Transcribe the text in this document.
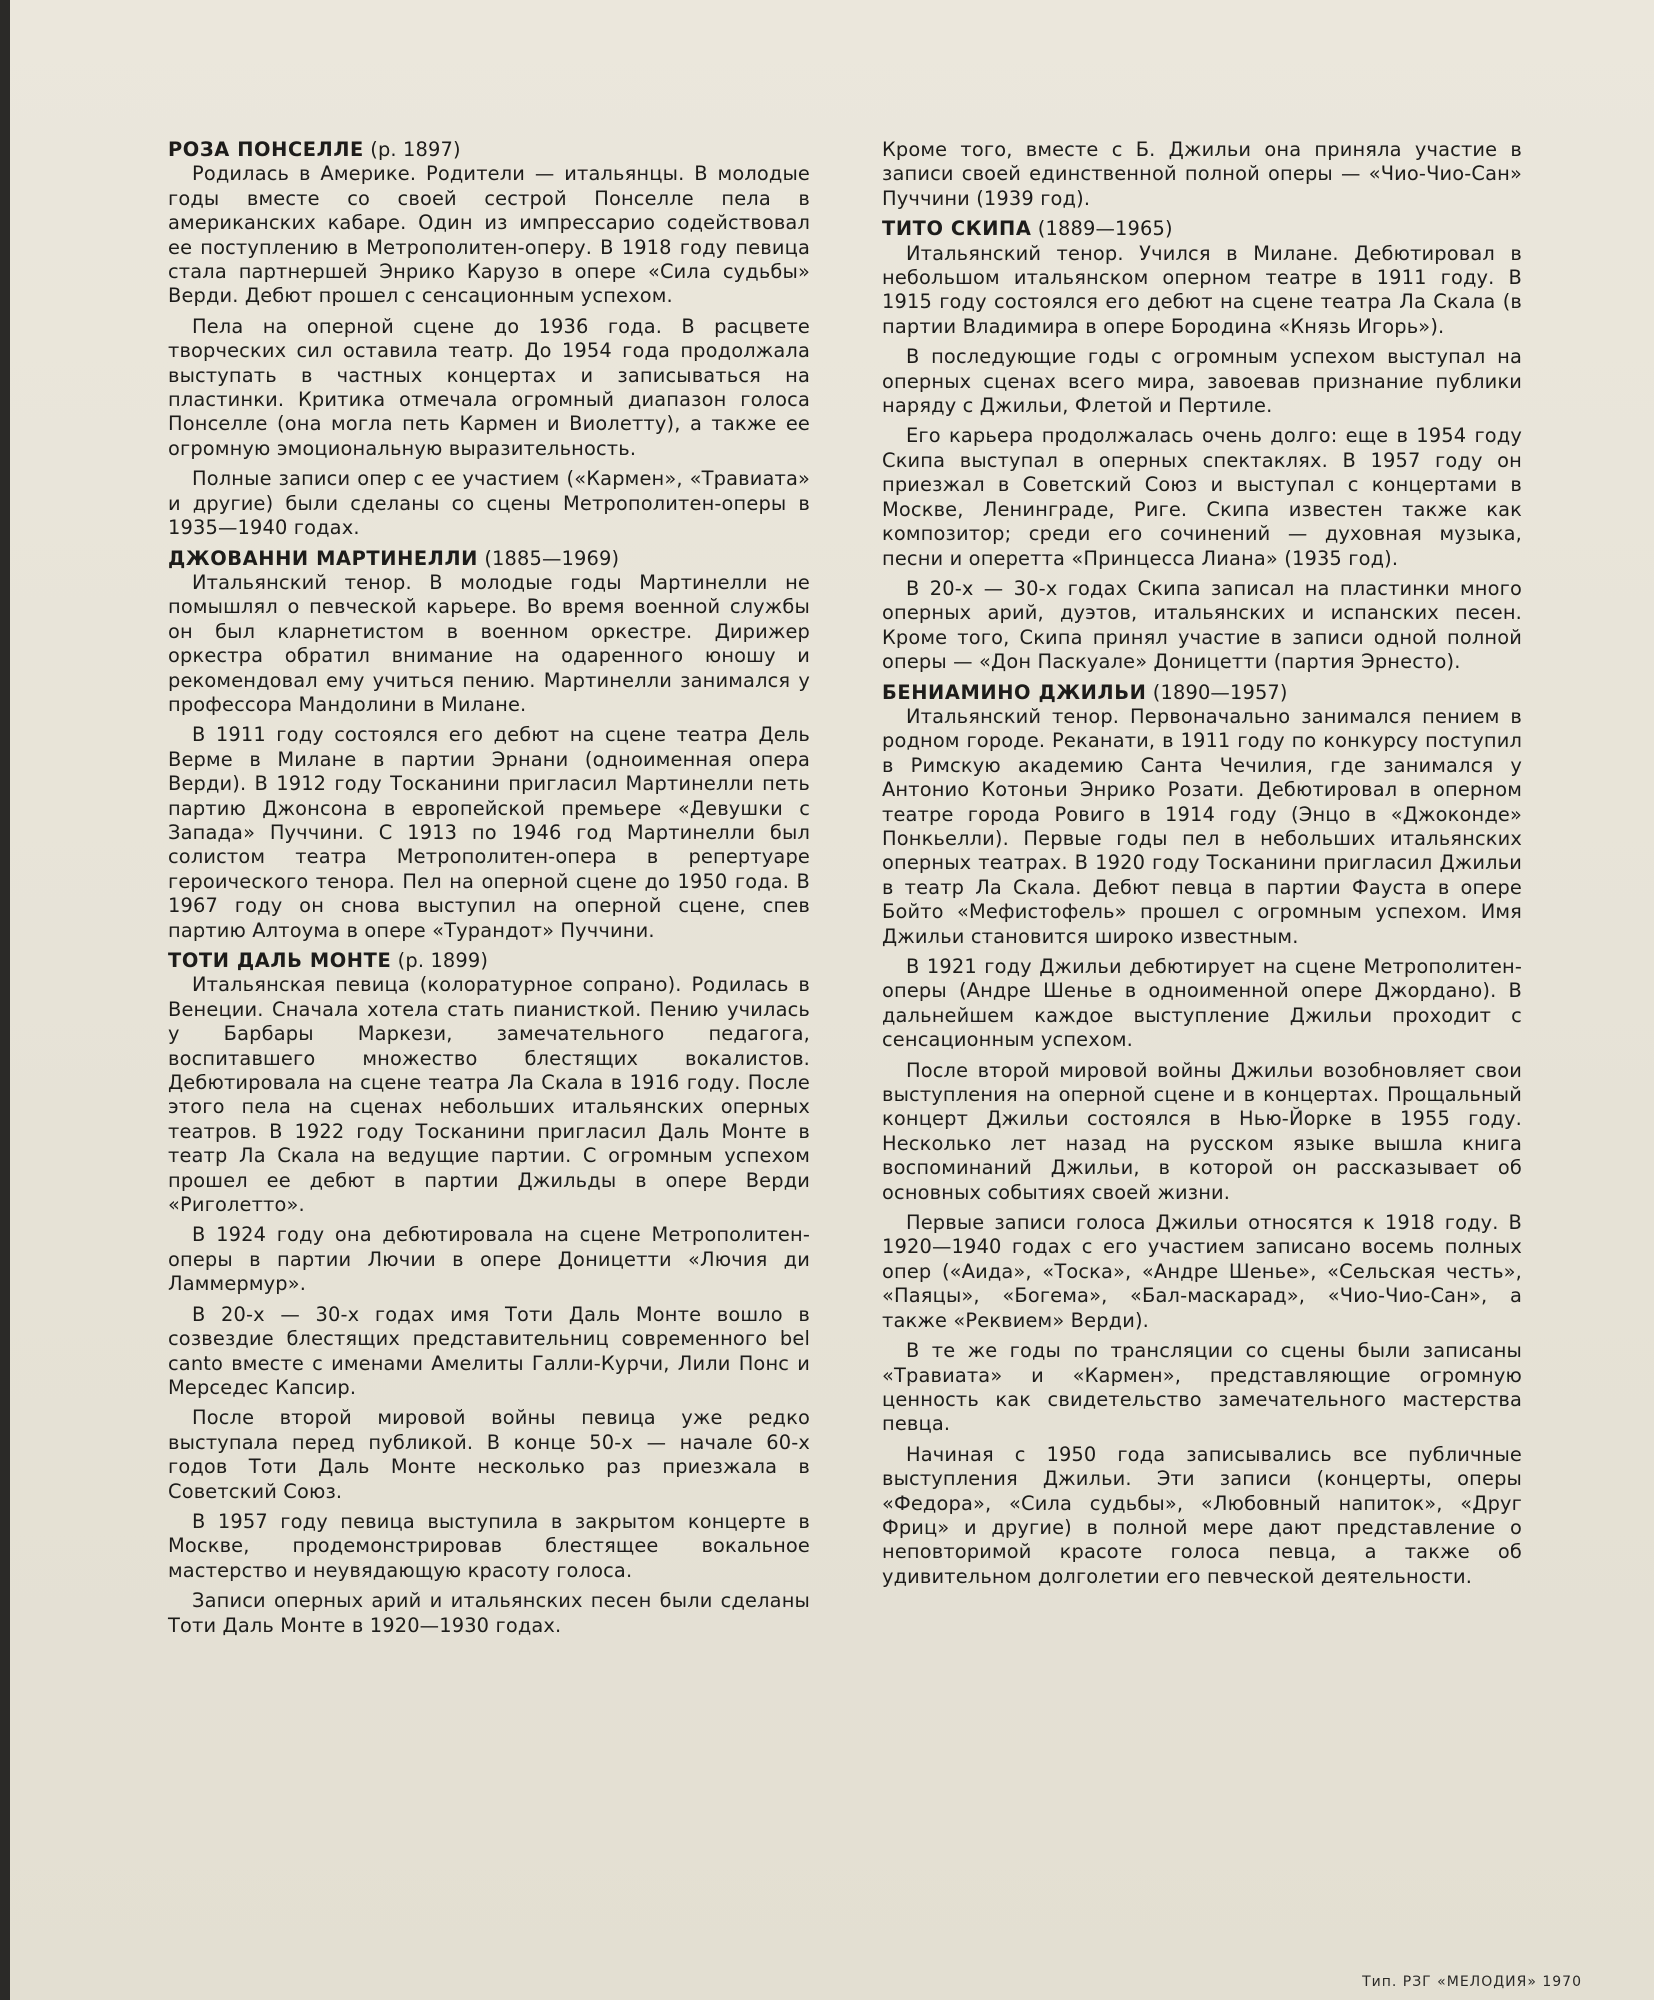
РОЗА ПОНСЕЛЛЕ (р. 1897)

Родилась в Америке. Родители — итальянцы. В молодые годы вместе со своей сестрой Понселле пела в американских кабаре. Один из импрессарио содействовал ее поступлению в Метрополитен-оперу. В 1918 году певица стала партнершей Энрико Карузо в опере «Сила судьбы» Верди. Дебют прошел с сенсационным успехом.

Пела на оперной сцене до 1936 года. В расцвете творческих сил оставила театр. До 1954 года продолжала выступать в частных концертах и записываться на пластинки. Критика отмечала огромный диапазон голоса Понселле (она могла петь Кармен и Виолетту), а также ее огромную эмоциональную выразительность.

Полные записи опер с ее участием («Кармен», «Травиата» и другие) были сделаны со сцены Метрополитен-оперы в 1935—1940 годах.

ДЖОВАННИ МАРТИНЕЛЛИ (1885—1969)

Итальянский тенор. В молодые годы Мартинелли не помышлял о певческой карьере. Во время военной службы он был кларнетистом в военном оркестре. Дирижер оркестра обратил внимание на одаренного юношу и рекомендовал ему учиться пению. Мартинелли занимался у профессора Мандолини в Милане.

В 1911 году состоялся его дебют на сцене театра Дель Верме в Милане в партии Эрнани (одноименная опера Верди). В 1912 году Тосканини пригласил Мартинелли петь партию Джонсона в европейской премьере «Девушки с Запада» Пуччини. С 1913 по 1946 год Мартинелли был солистом театра Метрополитен-опера в репертуаре героического тенора. Пел на оперной сцене до 1950 года. В 1967 году он снова выступил на оперной сцене, спев партию Алтоума в опере «Турандот» Пуччини.

ТОТИ ДАЛЬ МОНТЕ (р. 1899)

Итальянская певица (колоратурное сопрано). Родилась в Венеции. Сначала хотела стать пианисткой. Пению училась у Барбары Маркези, замечательного педагога, воспитавшего множество блестящих вокалистов. Дебютировала на сцене театра Ла Скала в 1916 году. После этого пела на сценах небольших итальянских оперных театров. В 1922 году Тосканини пригласил Даль Монте в театр Ла Скала на ведущие партии. С огромным успехом прошел ее дебют в партии Джильды в опере Верди «Риголетто».

В 1924 году она дебютировала на сцене Метрополитен-оперы в партии Лючии в опере Доницетти «Лючия ди Ламмермур».

В 20-х — 30-х годах имя Тоти Даль Монте вошло в созвездие блестящих представительниц современного bel canto вместе с именами Амелиты Галли-Курчи, Лили Понс и Мерседес Капсир.

После второй мировой войны певица уже редко выступала перед публикой. В конце 50-х — начале 60-х годов Тоти Даль Монте несколько раз приезжала в Советский Союз.

В 1957 году певица выступила в закрытом концерте в Москве, продемонстрировав блестящее вокальное мастерство и неувядающую красоту голоса.

Записи оперных арий и итальянских песен были сделаны Тоти Даль Монте в 1920—1930 годах.

Кроме того, вместе с Б. Джильи она приняла участие в записи своей единственной полной оперы — «Чио-Чио-Сан» Пуччини (1939 год).

ТИТО СКИПА (1889—1965)

Итальянский тенор. Учился в Милане. Дебютировал в небольшом итальянском оперном театре в 1911 году. В 1915 году состоялся его дебют на сцене театра Ла Скала (в партии Владимира в опере Бородина «Князь Игорь»).

В последующие годы с огромным успехом выступал на оперных сценах всего мира, завоевав признание публики наряду с Джильи, Флетой и Пертиле.

Его карьера продолжалась очень долго: еще в 1954 году Скипа выступал в оперных спектаклях. В 1957 году он приезжал в Советский Союз и выступал с концертами в Москве, Ленинграде, Риге. Скипа известен также как композитор; среди его сочинений — духовная музыка, песни и оперетта «Принцесса Лиана» (1935 год).

В 20-х — 30-х годах Скипа записал на пластинки много оперных арий, дуэтов, итальянских и испанских песен. Кроме того, Скипа принял участие в записи одной полной оперы — «Дон Паскуале» Доницетти (партия Эрнесто).

БЕНИАМИНО ДЖИЛЬИ (1890—1957)

Итальянский тенор. Первоначально занимался пением в родном городе. Реканати, в 1911 году по конкурсу поступил в Римскую академию Санта Чечилия, где занимался у Антонио Котоньи Энрико Розати. Дебютировал в оперном театре города Ровиго в 1914 году (Энцо в «Джоконде» Понкьелли). Первые годы пел в небольших итальянских оперных театрах. В 1920 году Тосканини пригласил Джильи в театр Ла Скала. Дебют певца в партии Фауста в опере Бойто «Мефистофель» прошел с огромным успехом. Имя Джильи становится широко известным.

В 1921 году Джильи дебютирует на сцене Метрополитен-оперы (Андре Шенье в одноименной опере Джордано). В дальнейшем каждое выступление Джильи проходит с сенсационным успехом.

После второй мировой войны Джильи возобновляет свои выступления на оперной сцене и в концертах. Прощальный концерт Джильи состоялся в Нью-Йорке в 1955 году. Несколько лет назад на русском языке вышла книга воспоминаний Джильи, в которой он рассказывает об основных событиях своей жизни.

Первые записи голоса Джильи относятся к 1918 году. В 1920—1940 годах с его участием записано восемь полных опер («Аида», «Тоска», «Андре Шенье», «Сельская честь», «Паяцы», «Богема», «Бал-маскарад», «Чио-Чио-Сан», а также «Реквием» Верди).

В те же годы по трансляции со сцены были записаны «Травиата» и «Кармен», представляющие огромную ценность как свидетельство замечательного мастерства певца.

Начиная с 1950 года записывались все публичные выступления Джильи. Эти записи (концерты, оперы «Федора», «Сила судьбы», «Любовный напиток», «Друг Фриц» и другие) в полной мере дают представление о неповторимой красоте голоса певца, а также об удивительном долголетии его певческой деятельности.

Тип. РЗГ «МЕЛОДИЯ» 1970
